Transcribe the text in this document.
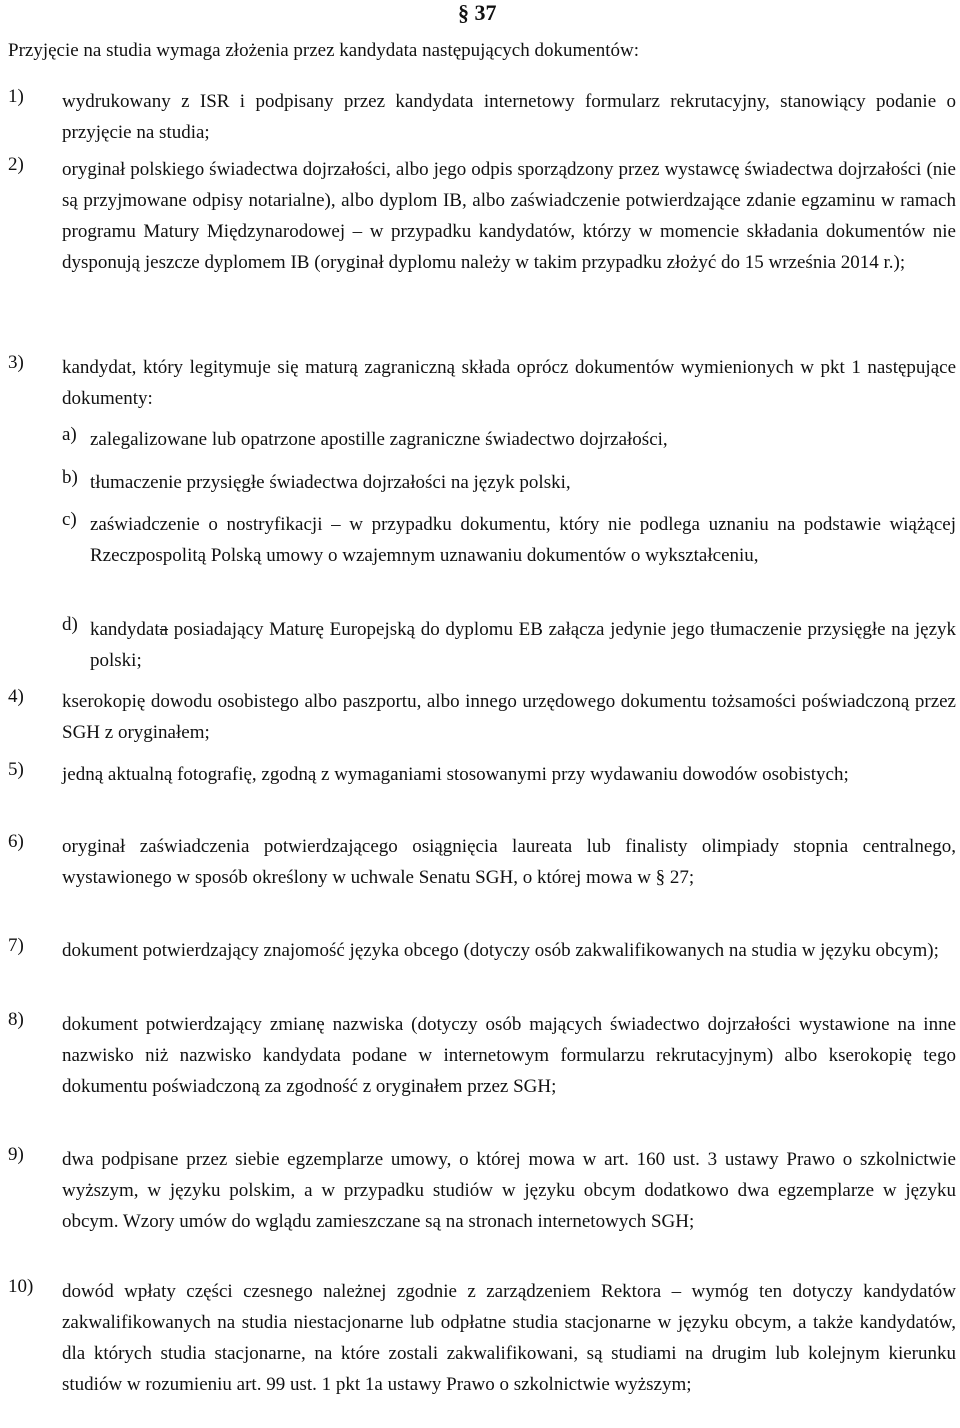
§ 37
Przyjęcie na studia wymaga złożenia przez kandydata następujących dokumentów:
1) wydrukowany z ISR i podpisany przez kandydata internetowy formularz rekrutacyjny, stanowiący podanie o przyjęcie na studia;
2) oryginał polskiego świadectwa dojrzałości, albo jego odpis sporządzony przez wystawcę świadectwa dojrzałości (nie są przyjmowane odpisy notarialne), albo dyplom IB, albo zaświadczenie potwierdzające zdanie egzaminu w ramach programu Matury Międzynarodowej – w przypadku kandydatów, którzy w momencie składania dokumentów nie dysponują jeszcze dyplomem IB (oryginał dyplomu należy w takim przypadku złożyć do 15 września 2014 r.);
3) kandydat, który legitymuje się maturą zagraniczną składa oprócz dokumentów wymienionych w pkt 1 następujące dokumenty:
a) zalegalizowane lub opatrzone apostille zagraniczne świadectwo dojrzałości,
b) tłumaczenie przysięgłe świadectwa dojrzałości na język polski,
c) zaświadczenie o nostryfikacji – w przypadku dokumentu, który nie podlega uznaniu na podstawie wiążącej Rzeczpospolitą Polską umowy o wzajemnym uznawaniu dokumentów o wykształceniu,
d) kandydata posiadający Maturę Europejską do dyplomu EB załącza jedynie jego tłumaczenie przysięgłe na język polski;
4) kserokopię dowodu osobistego albo paszportu, albo innego urzędowego dokumentu tożsamości poświadczoną przez SGH z oryginałem;
5) jedną aktualną fotografię, zgodną z wymaganiami stosowanymi przy wydawaniu dowodów osobistych;
6) oryginał zaświadczenia potwierdzającego osiągnięcia laureata lub finalisty olimpiady stopnia centralnego, wystawionego w sposób określony w uchwale Senatu SGH, o której mowa w § 27;
7) dokument potwierdzający znajomość języka obcego (dotyczy osób zakwalifikowanych na studia w języku obcym);
8) dokument potwierdzający zmianę nazwiska (dotyczy osób mających świadectwo dojrzałości wystawione na inne nazwisko niż nazwisko kandydata podane w internetowym formularzu rekrutacyjnym) albo kserokopię tego dokumentu poświadczoną za zgodność z oryginałem przez SGH;
9) dwa podpisane przez siebie egzemplarze umowy, o której mowa w art. 160 ust. 3 ustawy Prawo o szkolnictwie wyższym, w języku polskim, a w przypadku studiów w języku obcym dodatkowo dwa egzemplarze w języku obcym. Wzory umów do wglądu zamieszczane są na stronach internetowych SGH;
10) dowód wpłaty części czesnego należnej zgodnie z zarządzeniem Rektora – wymóg ten dotyczy kandydatów zakwalifikowanych na studia niestacjonarne lub odpłatne studia stacjonarne w języku obcym, a także kandydatów, dla których studia stacjonarne, na które zostali zakwalifikowani, są studiami na drugim lub kolejnym kierunku studiów w rozumieniu art. 99 ust. 1 pkt 1a ustawy Prawo o szkolnictwie wyższym;
